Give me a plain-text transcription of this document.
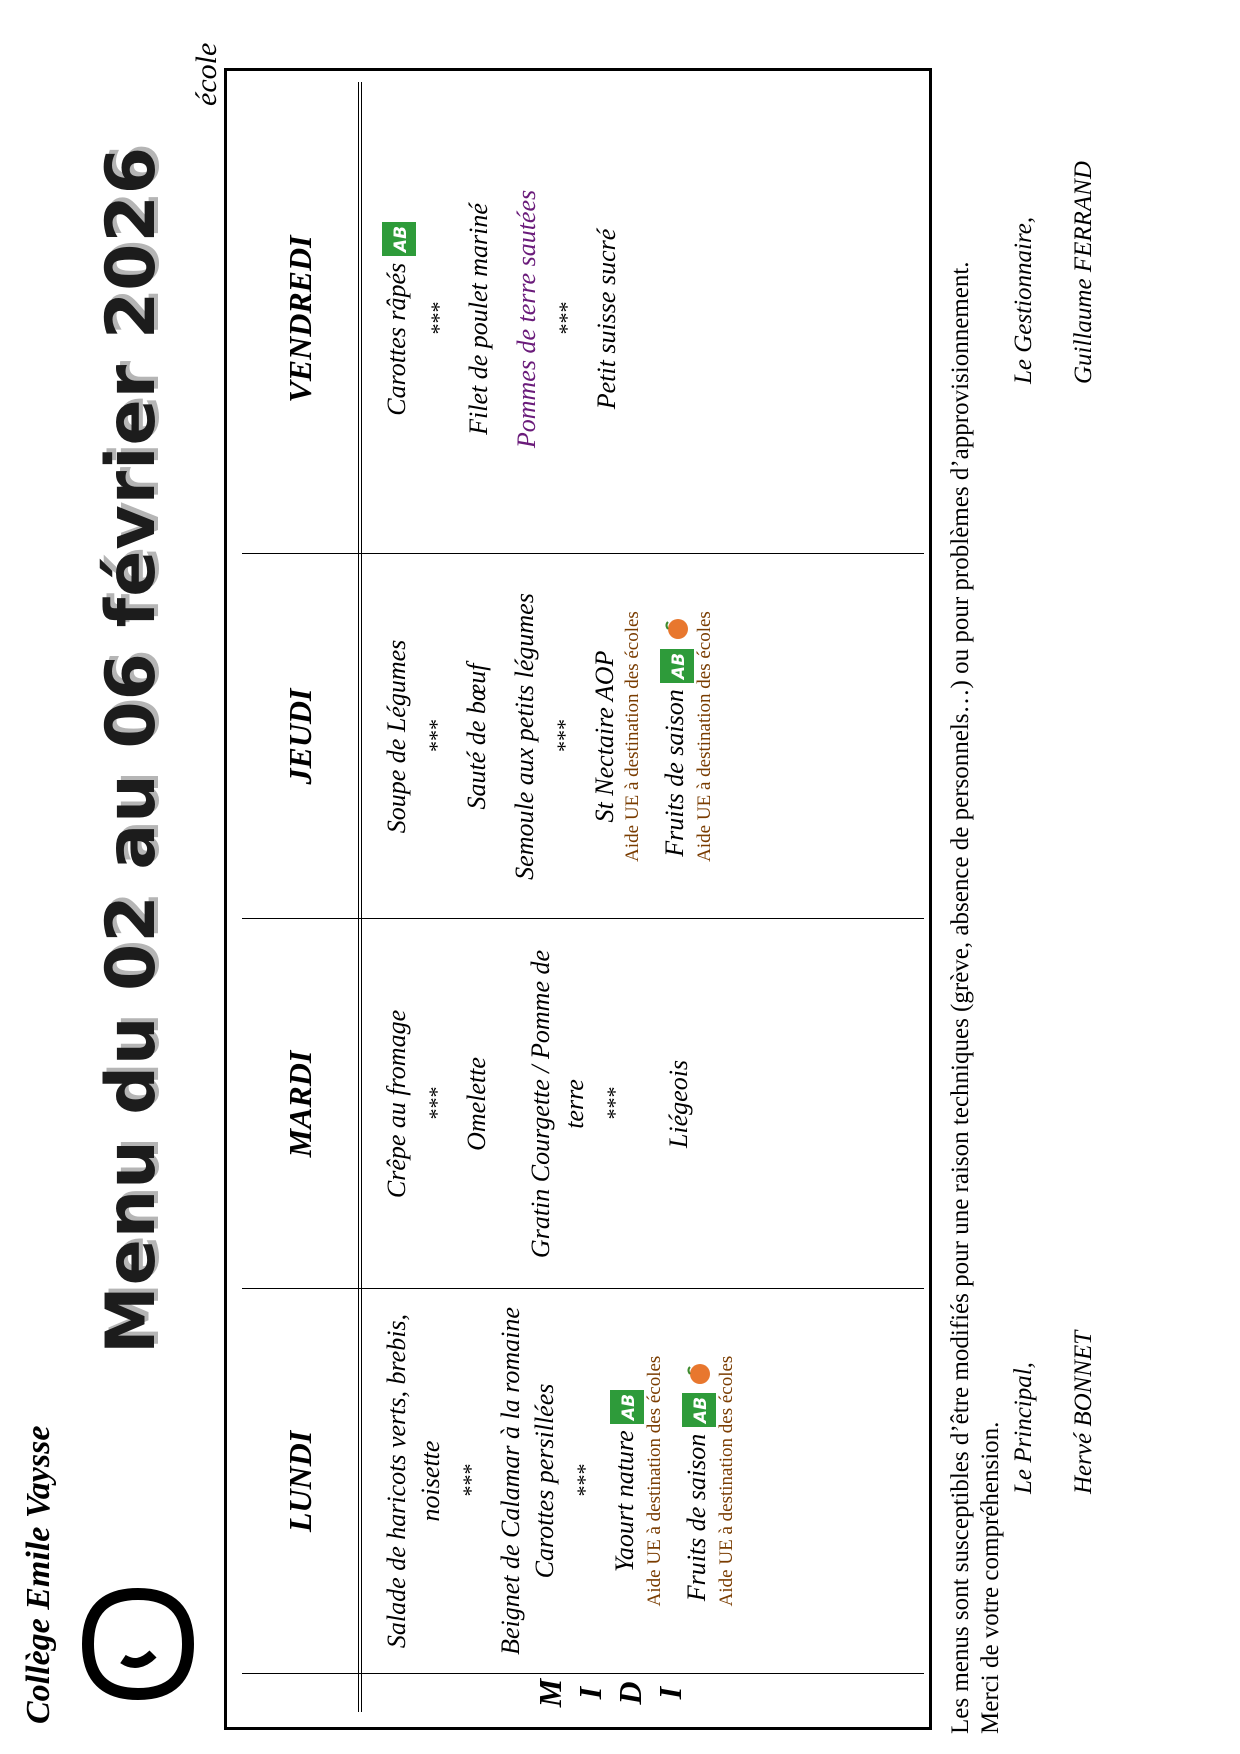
Collège Emile Vaysse
Menu du 02 au 06 février 2026
école
M I D I
LUNDI
MARDI
JEUDI
VENDREDI
Salade de haricots verts, brebis, noisette *** Beignet de Calamar à la romaine Carottes persillées *** Yaourt nature
AB Aide UE à destination des écoles Fruits de saison
AB
Aide UE à destination des écoles
Crêpe au fromage *** Omelette Gratin Courgette / Pomme de terre *** Liégeois
Soupe de Légumes *** Sauté de bœuf Semoule aux petits légumes *** St Nectaire AOP Aide UE à destination des écoles Fruits de saison
AB
Aide UE à destination des écoles
Carottes râpés
AB
*** Filet de poulet mariné Pommes de terre sautées *** Petit suisse sucré	Les menus sont susceptibles d’être modifiés pour une raison techniques (grève, absence de personnels…) ou pour problèmes d’approvisionnement. Merci de votre compréhension. Le Principal, Hervé BONNET
Le Gestionnaire, Guillaume FERRAND
